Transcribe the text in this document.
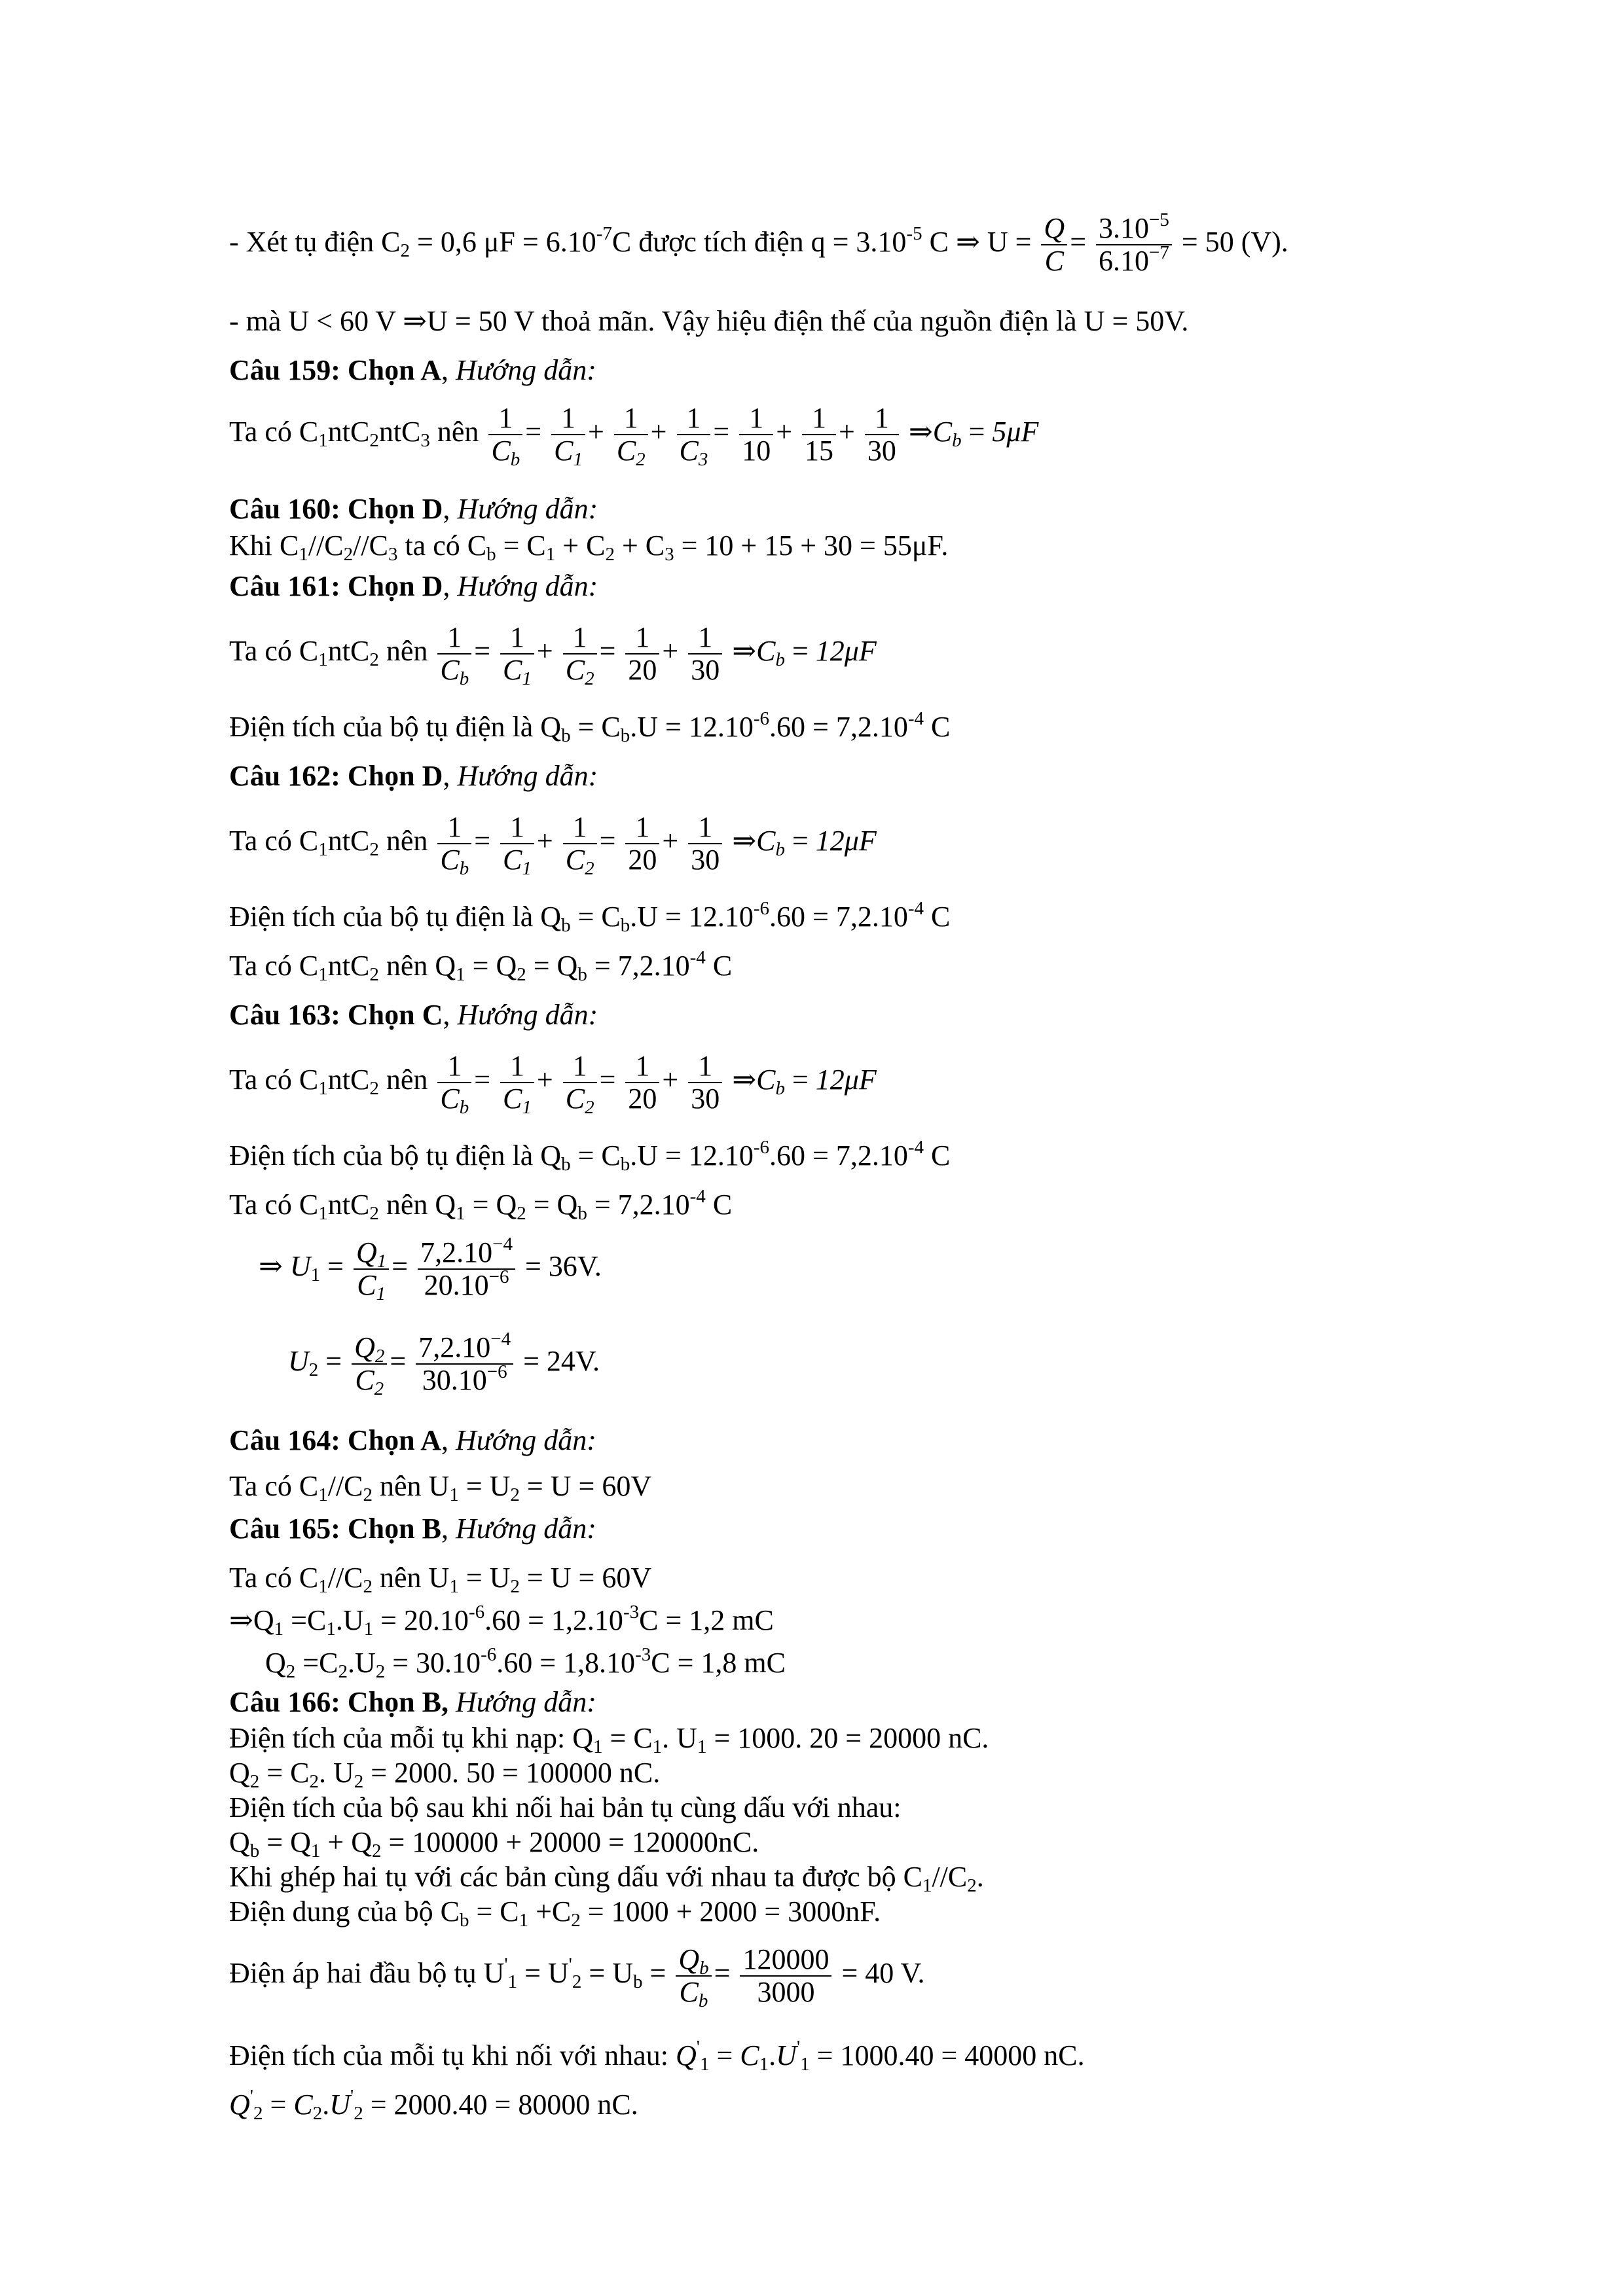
- Xét tụ điện $C_2 = 0,6$ $\mu F = 6.10^{-7}C$ được tích điện $q = 3.10^{-5}$ C ⇒ $U = \frac{Q}{C} = \frac{3.10^{-5}}{6.10^{-7}} = 50$ (V).
- mà U < 60 V ⇒U = 50 V thoả mãn. Vậy hiệu điện thế của nguồn điện là U = 50V.
Câu 159: Chọn A, Hướng dẫn:
Ta có $C_1ntC_2ntC_3$ nên $\frac{1}{C_b} = \frac{1}{C_1} + \frac{1}{C_2} + \frac{1}{C_3} = \frac{1}{10} + \frac{1}{15} + \frac{1}{30}$ $\Rightarrow C_b = 5\mu F$
Câu 160: Chọn D, Hướng dẫn:
Khi $C_1//C_2//C_3$ ta có $C_b = C_1 + C_2 + C_3 = 10 + 15 + 30 = 55\mu F$.
Câu 161: Chọn D, Hướng dẫn:
Ta có $C_1ntC_2$ nên $\frac{1}{C_b} = \frac{1}{C_1} + \frac{1}{C_2} = \frac{1}{20} + \frac{1}{30}$ $\Rightarrow C_b = 12\mu F$
Điện tích của bộ tụ điện là $Q_b = C_b.U = 12.10^{-6}.60 = 7,2.10^{-4}$ C
Câu 162: Chọn D, Hướng dẫn:
Ta có $C_1ntC_2$ nên $\frac{1}{C_b} = \frac{1}{C_1} + \frac{1}{C_2} = \frac{1}{20} + \frac{1}{30}$ $\Rightarrow C_b = 12\mu F$
Điện tích của bộ tụ điện là $Q_b = C_b.U = 12.10^{-6}.60 = 7,2.10^{-4}$ C
Ta có $C_1ntC_2$ nên $Q_1 = Q_2 = Q_b = 7,2.10^{-4}$ C
Câu 163: Chọn C, Hướng dẫn:
Ta có $C_1ntC_2$ nên $\frac{1}{C_b} = \frac{1}{C_1} + \frac{1}{C_2} = \frac{1}{20} + \frac{1}{30}$ $\Rightarrow C_b = 12\mu F$
Điện tích của bộ tụ điện là $Q_b = C_b.U = 12.10^{-6}.60 = 7,2.10^{-4}$ C
Ta có $C_1ntC_2$ nên $Q_1 = Q_2 = Q_b = 7,2.10^{-4}$ C
⇒ $U_1 = \frac{Q_1}{C_1} = \frac{7,2.10^{-4}}{20.10^{-6}} = 36V$.
$U_2 = \frac{Q_2}{C_2} = \frac{7,2.10^{-4}}{30.10^{-6}} = 24V$.
Câu 164: Chọn A, Hướng dẫn:
Ta có $C_1//C_2$ nên $U_1 = U_2 = U = 60V$
Câu 165: Chọn B, Hướng dẫn:
Ta có $C_1//C_2$ nên $U_1 = U_2 = U = 60V$
$\Rightarrow Q_1 =C_1.U_1 = 20.10^{-6}.60 = 1,2.10^{-3}C = 1,2$ mC
$Q_2 =C_2.U_2 = 30.10^{-6}.60 = 1,8.10^{-3}C = 1,8$ mC
Câu 166: Chọn B, Hướng dẫn:
Điện tích của mỗi tụ khi nạp: $Q_1 = C_1$. $U_1 = 1000$. 20 = 20000 nC.
$Q_2 = C_2$. $U_2 = 2000$. 50 = 100000 nC.
Điện tích của bộ sau khi nối hai bản tụ cùng dấu với nhau:
$Q_b = Q_1 + Q_2 = 100000 + 20000 = 120000nC$.
Khi ghép hai tụ với các bản cùng dấu với nhau ta được bộ $C_1//C_2$.
Điện dung của bộ $C_b = C_1 +C_2 = 1000 + 2000 = 3000nF$.
Điện áp hai đầu bộ tụ $U'_1 = U'_2 = U_b = \frac{Q_b}{C_b} = \frac{120000}{3000} = 40$ V.
Điện tích của mỗi tụ khi nối với nhau: $Q'_1 = C_1.U'_1 = 1000.40 = 40000$ nC.
$Q'_2 = C_2.U'_2 = 2000.40 = 80000$ nC.
